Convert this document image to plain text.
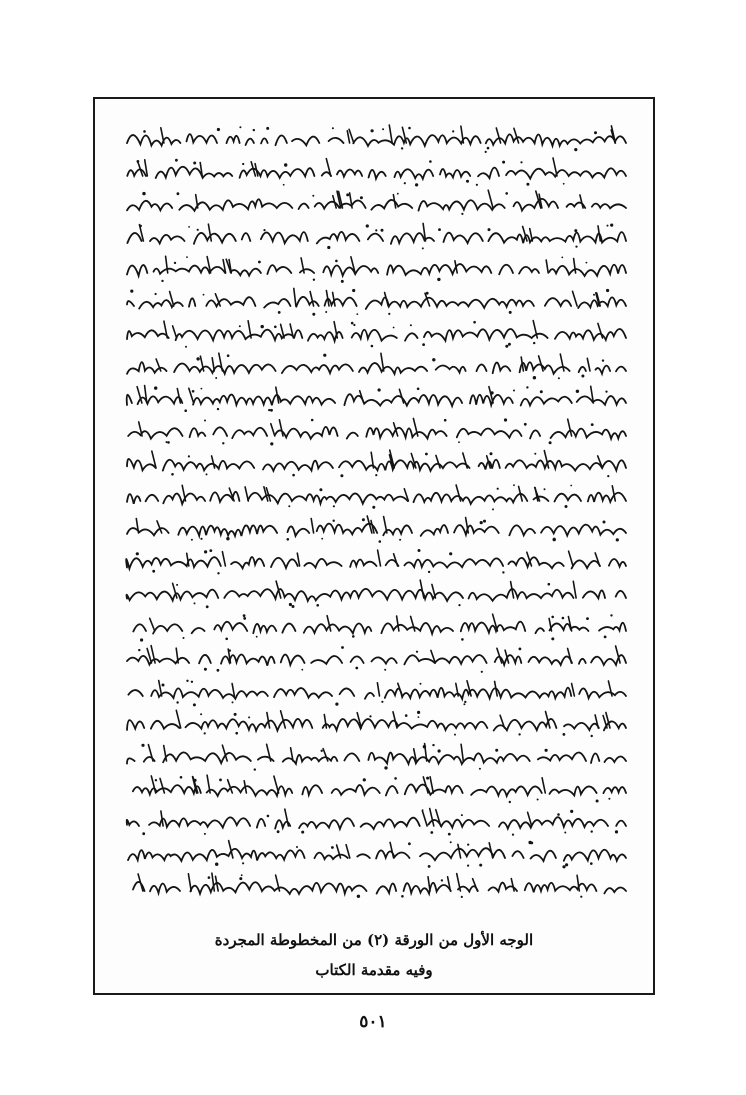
الوجه الأول من الورقة (٢) من المخطوطة المجردة
وفيه مقدمة الكتاب
٥٠١
